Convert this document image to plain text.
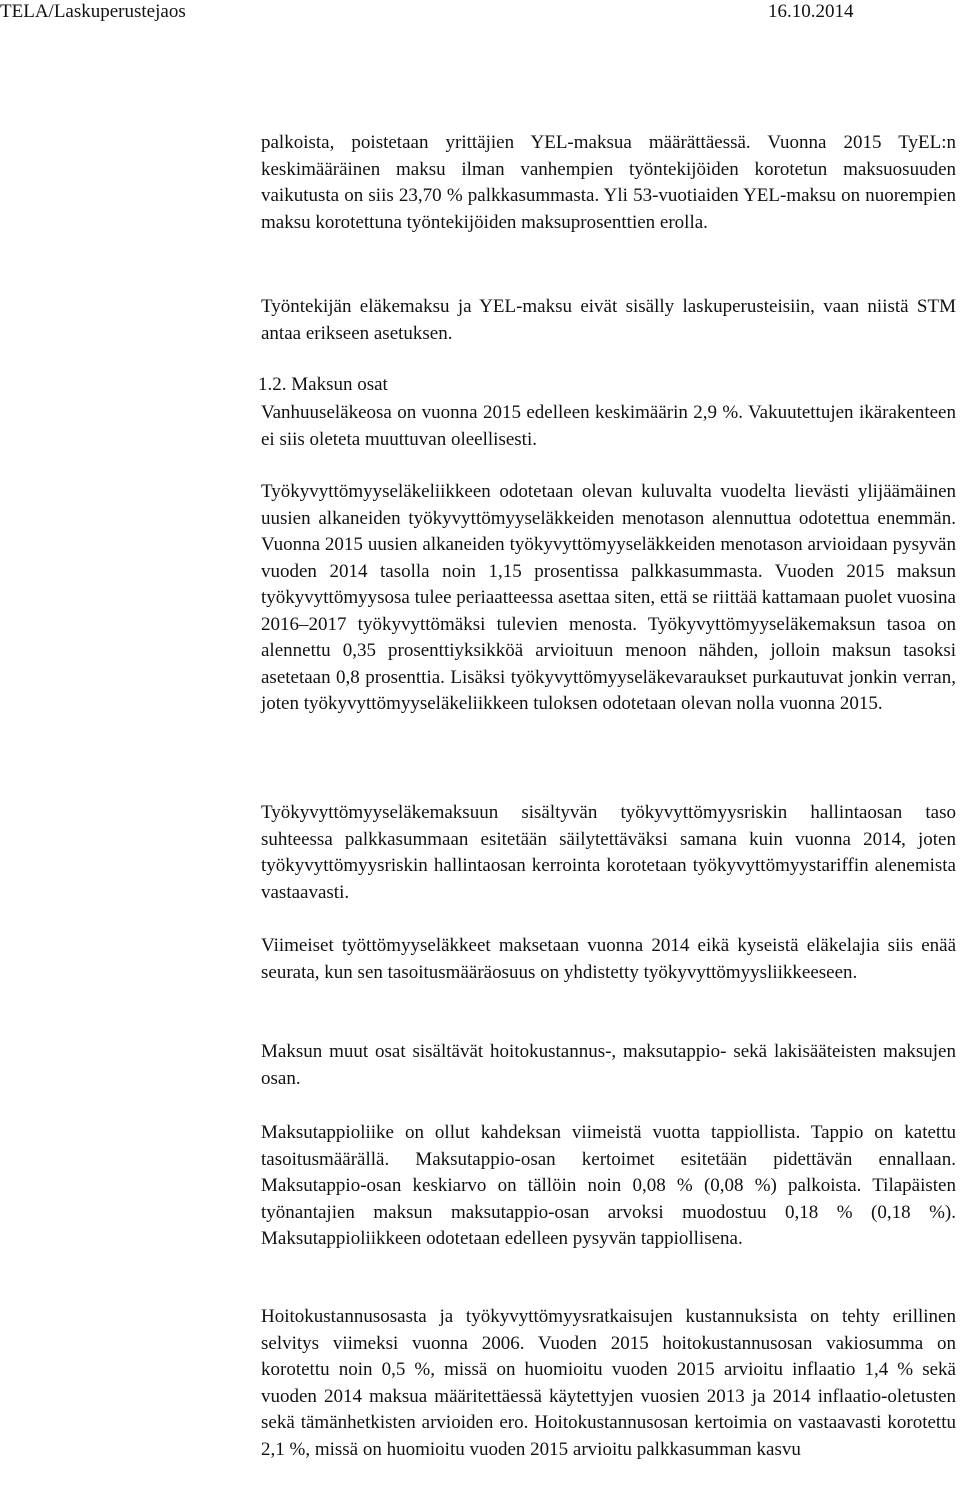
TELA/Laskuperustejaos	16.10.2014
1.2. Maksun osat

palkoista, poistetaan yrittäjien YEL-maksua määrättäessä. Vuonna 2015 TyEL:n keskimääräinen maksu ilman vanhempien työntekijöiden korotetun maksuosuuden vaikutusta on siis 23,70 % palkkasummasta. Yli 53-vuotiaiden YEL-maksu on nuorempien maksu korotettuna työntekijöiden maksuprosenttien erolla.

Työntekijän eläkemaksu ja YEL-maksu eivät sisälly laskuperusteisiin, vaan niistä STM antaa erikseen asetuksen.

Vanhuuseläkeosa on vuonna 2015 edelleen keskimäärin 2,9 %. Vakuutettujen ikärakenteen ei siis oleteta muuttuvan oleellisesti.

Työkyvyttömyyseläkeliikkeen odotetaan olevan kuluvalta vuodelta lievästi ylijäämäinen uusien alkaneiden työkyvyttömyyseläkkeiden menotason alennuttua odotettua enemmän. Vuonna 2015 uusien alkaneiden työkyvyttömyyseläkkeiden menotason arvioidaan pysyvän vuoden 2014 tasolla noin 1,15 prosentissa palkkasummasta. Vuoden 2015 maksun työkyvyttömyysosa tulee periaatteessa asettaa siten, että se riittää kattamaan puolet vuosina 2016–2017 työkyvyttömäksi tulevien menosta. Työkyvyttömyyseläkemaksun tasoa on alennettu 0,35 prosenttiyksikköä arvioituun menoon nähden, jolloin maksun tasoksi asetetaan 0,8 prosenttia. Lisäksi työkyvyttömyyseläkevaraukset purkautuvat jonkin verran, joten työkyvyttömyyseläkeliikkeen tuloksen odotetaan olevan nolla vuonna 2015.

Työkyvyttömyyseläkemaksuun sisältyvän työkyvyttömyysriskin hallintaosan taso suhteessa palkkasummaan esitetään säilytettäväksi samana kuin vuonna 2014, joten työkyvyttömyysriskin hallintaosan kerrointa korotetaan työkyvyttömyystariffin alenemista vastaavasti.

Viimeiset työttömyyseläkkeet maksetaan vuonna 2014 eikä kyseistä eläkelajia siis enää seurata, kun sen tasoitusmääräosuus on yhdistetty työkyvyttömyysliikkeeseen.

Maksun muut osat sisältävät hoitokustannus-, maksutappio- sekä lakisääteisten maksujen osan.

Maksutappioliike on ollut kahdeksan viimeistä vuotta tappiollista. Tappio on katettu tasoitusmäärällä. Maksutappio-osan kertoimet esitetään pidettävän ennallaan. Maksutappio-osan keskiarvo on tällöin noin 0,08 % (0,08 %) palkoista. Tilapäisten työnantajien maksun maksutappio-osan arvoksi muodostuu 0,18 % (0,18 %). Maksutappioliikkeen odotetaan edelleen pysyvän tappiollisena.

Hoitokustannusosasta ja työkyvyttömyysratkaisujen kustannuksista on tehty erillinen selvitys viimeksi vuonna 2006. Vuoden 2015 hoitokustannusosan vakiosumma on korotettu noin 0,5 %, missä on huomioitu vuoden 2015 arvioitu inflaatio 1,4 % sekä vuoden 2014 maksua määritettäessä käytettyjen vuosien 2013 ja 2014 inflaatio-oletusten sekä tämänhetkisten arvioiden ero. Hoitokustannusosan kertoimia on vastaavasti korotettu 2,1 %, missä on huomioitu vuoden 2015 arvioitu palkkasumman kasvu
